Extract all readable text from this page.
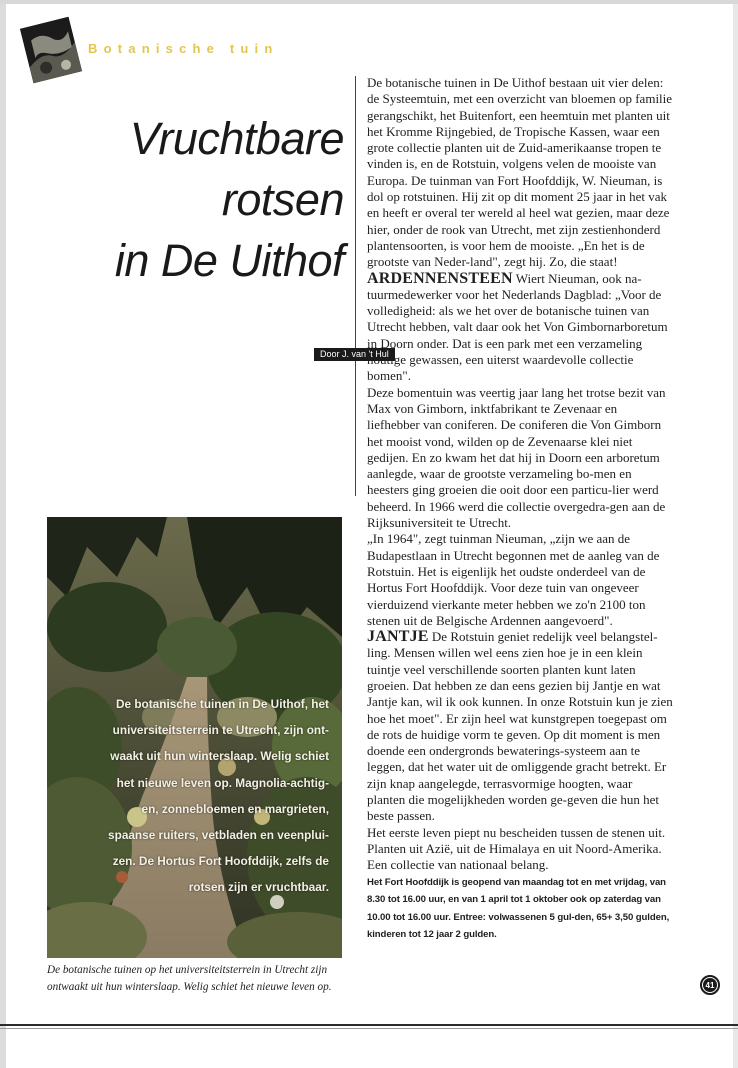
Botanische tuin
Vruchtbare
rotsen
in De Uithof
Door J. van 't Hul

De botanische tuinen in De Uithof bestaan uit vier delen: de Systeemtuin, met een overzicht van bloemen op familie gerangschikt, het Buitenfort, een heemtuin met planten uit het Kromme Rijngebied, de Tropische Kassen, waar een grote collectie planten uit de Zuid-amerikaanse tropen te vinden is, en de Rotstuin, volgens velen de mooiste van Europa. De tuinman van Fort Hoofddijk, W. Nieuman, is dol op rotstuinen. Hij zit op dit moment 25 jaar in het vak en heeft er overal ter wereld al heel wat gezien, maar deze hier, onder de rook van Utrecht, met zijn zestienhonderd plantensoorten, is voor hem de mooiste. „En het is de grootste van Neder-land", zegt hij. Zo, die staat!

ARDENNENSTEEN Wiert Nieuman, ook na-tuurmedewerker voor het Nederlands Dagblad: „Voor de volledigheid: als we het over de botanische tuinen van Utrecht hebben, valt daar ook het Von Gimbornarboretum in Doorn onder. Dat is een park met een verzameling houtige gewassen, een uiterst waardevolle collectie bomen".

Deze bomentuin was veertig jaar lang het trotse bezit van Max von Gimborn, inktfabrikant te Zevenaar en liefhebber van coniferen. De coniferen die Von Gimborn het mooist vond, wilden op de Zevenaarse klei niet gedijen. En zo kwam het dat hij in Doorn een arboretum aanlegde, waar de grootste verzameling bo-men en heesters ging groeien die ooit door een particu-lier werd beheerd. In 1966 werd die collectie overgedra-gen aan de Rijksuniversiteit te Utrecht.

„In 1964", zegt tuinman Nieuman, „zijn we aan de Budapestlaan in Utrecht begonnen met de aanleg van de Rotstuin. Het is eigenlijk het oudste onderdeel van de Hortus Fort Hoofddijk. Voor deze tuin van ongeveer vierduizend vierkante meter hebben we zo'n 2100 ton stenen uit de Belgische Ardennen aangevoerd".

JANTJE De Rotstuin geniet redelijk veel belangstel-ling. Mensen willen wel eens zien hoe je in een klein tuintje veel verschillende soorten planten kunt laten groeien. Dat hebben ze dan eens gezien bij Jantje en wat Jantje kan, wil ik ook kunnen. In onze Rotstuin kun je zien hoe het moet". Er zijn heel wat kunstgrepen toegepast om de rots de huidige vorm te geven. Op dit moment is men doende een ondergronds bewaterings-systeem aan te leggen, dat het water uit de omliggende gracht betrekt. Er zijn knap aangelegde, terrasvormige hoogten, waar planten die mogelijkheden worden ge-geven die hun het beste passen.

Het eerste leven piept nu bescheiden tussen de stenen uit. Planten uit Azië, uit de Himalaya en uit Noord-Amerika. Een collectie van nationaal belang.

Het Fort Hoofddijk is geopend van maandag tot en met vrijdag, van 8.30 tot 16.00 uur, en van 1 april tot 1 oktober ook op zaterdag van 10.00 tot 16.00 uur. Entree: volwassenen 5 gul-den, 65+ 3,50 gulden, kinderen tot 12 jaar 2 gulden.

De botanische tuinen in De Uithof, het
universiteitsterrein te Utrecht, zijn ont-
waakt uit hun winterslaap. Welig schiet
het nieuwe leven op. Magnolia-achtig-
en, zonnebloemen en margrieten,
spaanse ruiters, vetbladen en veenplui-
zen. De Hortus Fort Hoofddijk, zelfs de
rotsen zijn er vruchtbaar.
De botanische tuinen op het universiteitsterrein in Utrecht zijn ontwaakt uit hun winterslaap. Welig schiet het nieuwe leven op.	41
